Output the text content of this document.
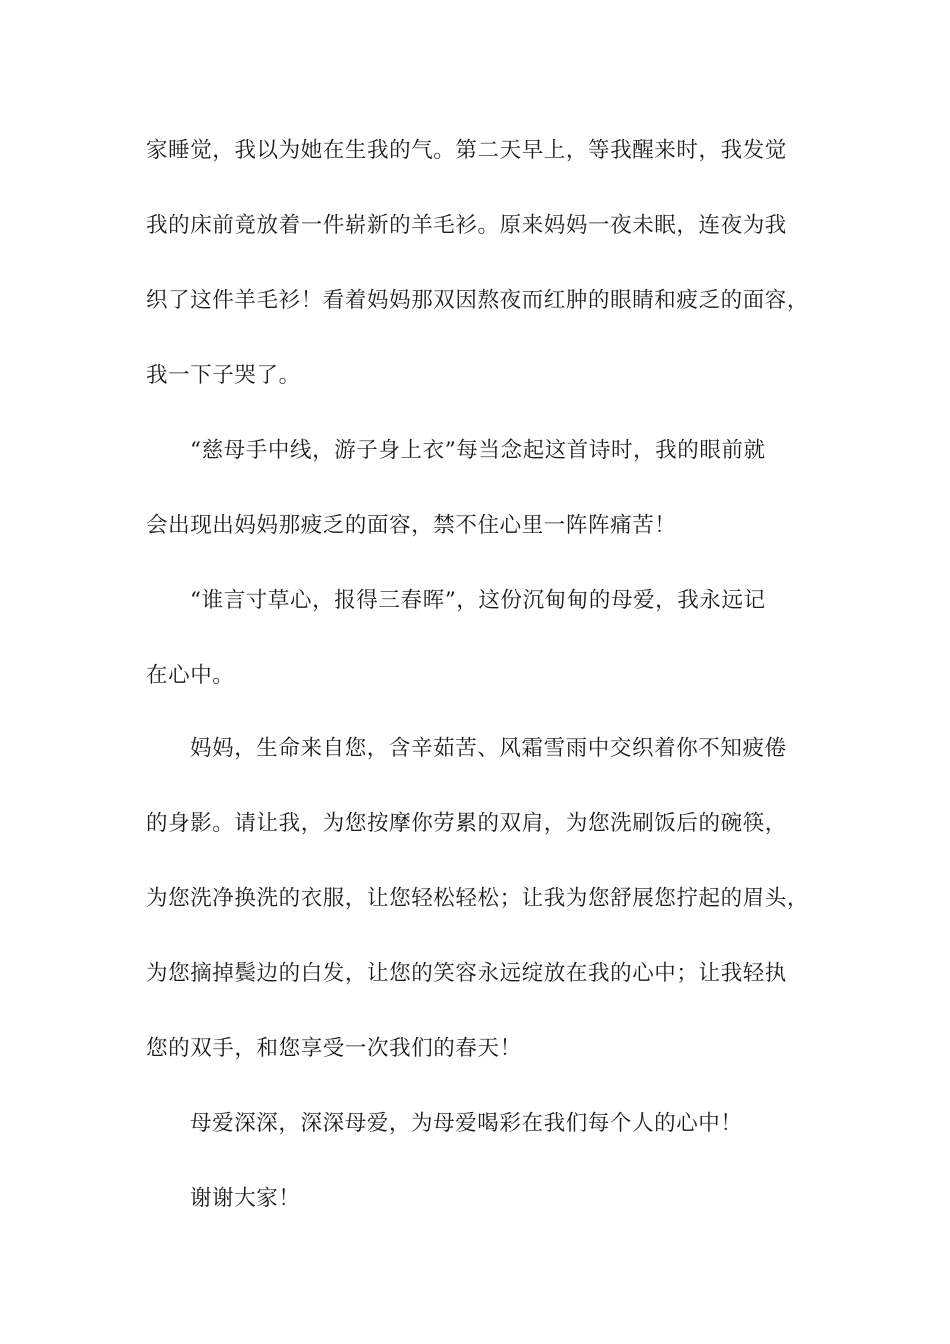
家睡觉，我以为她在生我的气。第二天早上，等我醒来时，我发觉
我的床前竟放着一件崭新的羊毛衫。原来妈妈一夜未眠，连夜为我
织了这件羊毛衫！看着妈妈那双因熬夜而红肿的眼睛和疲乏的面容，
我一下子哭了。
“慈母手中线，游子身上衣”每当念起这首诗时，我的眼前就
会出现出妈妈那疲乏的面容，禁不住心里一阵阵痛苦！
“谁言寸草心，报得三春晖”，这份沉甸甸的母爱，我永远记
在心中。
妈妈，生命来自您，含辛茹苦、风霜雪雨中交织着你不知疲倦
的身影。请让我，为您按摩你劳累的双肩，为您洗刷饭后的碗筷，
为您洗净换洗的衣服，让您轻松轻松；让我为您舒展您拧起的眉头，
为您摘掉鬓边的白发，让您的笑容永远绽放在我的心中；让我轻执
您的双手，和您享受一次我们的春天！
母爱深深，深深母爱，为母爱喝彩在我们每个人的心中！
谢谢大家！
